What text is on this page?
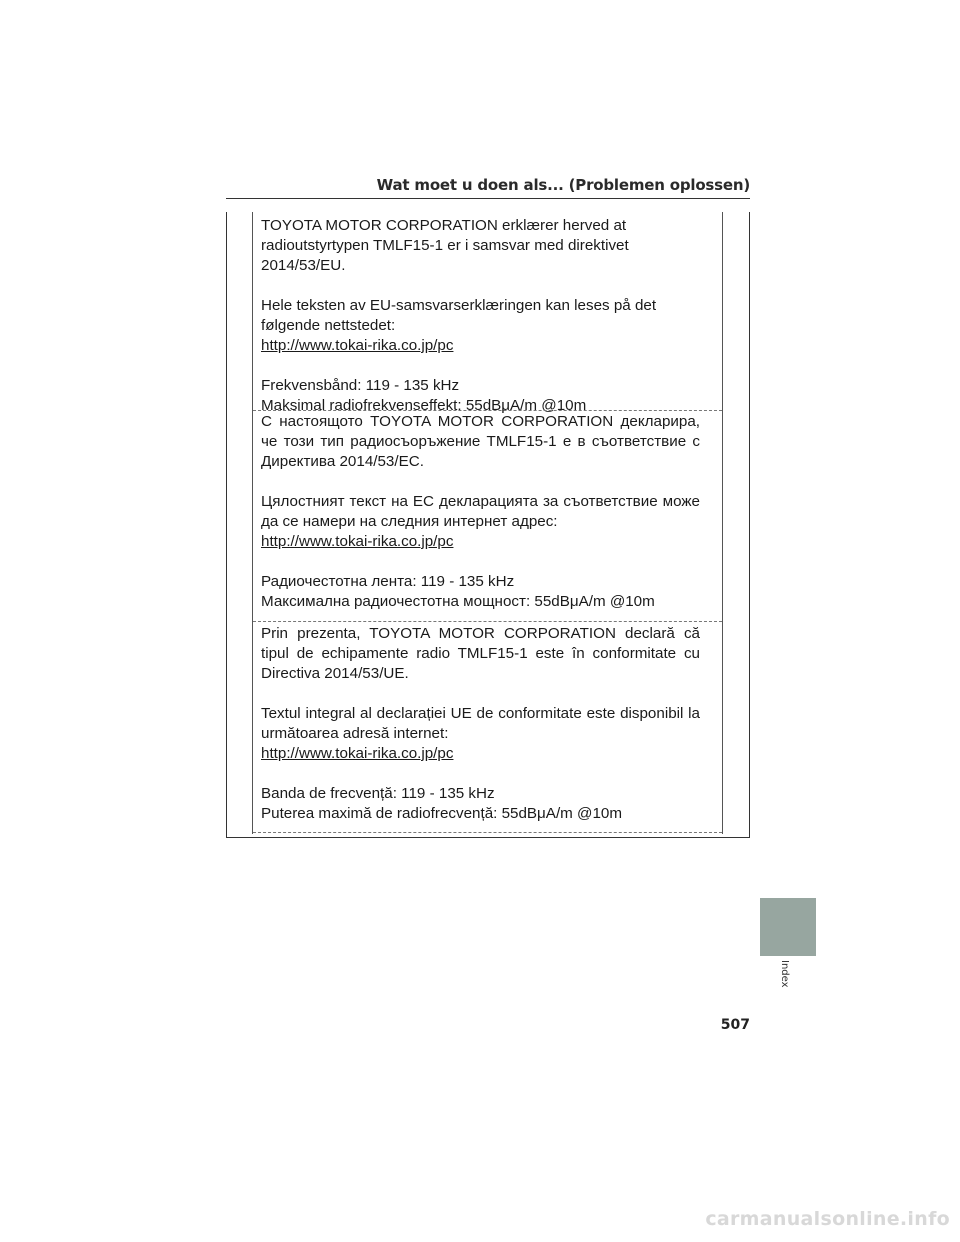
Wat moet u doen als... (Problemen oplossen)

TOYOTA MOTOR CORPORATION erklærer herved at radioutstyrtypen TMLF15-1 er i samsvar med direktivet 2014/53/EU.

Hele teksten av EU-samsvarserklæringen kan leses på det følgende nettstedet:

http://www.tokai-rika.co.jp/pc

Frekvensbånd: 119 - 135 kHz

Maksimal radiofrekvenseffekt: 55dBμA/m @10m

С настоящото TOYOTA MOTOR CORPORATION декларира, че този тип радиосъоръжение TMLF15-1 е в съответствие с Директива 2014/53/ЕС.

Цялостният текст на ЕС декларацията за съответствие може да се намери на следния интернет адрес:

http://www.tokai-rika.co.jp/pc

Радиочестотна лента: 119 - 135 kHz

Максимална радиочестотна мощност: 55dBμA/m @10m

Prin prezenta, TOYOTA MOTOR CORPORATION declară că tipul de echipamente radio TMLF15-1 este în conformitate cu Directiva 2014/53/UE.

Textul integral al declarației UE de conformitate este disponibil la următoarea adresă internet:

http://www.tokai-rika.co.jp/pc

Banda de frecvență: 119 - 135 kHz

Puterea maximă de radiofrecvență: 55dBμA/m @10m

Index
507
carmanualsonline.info
